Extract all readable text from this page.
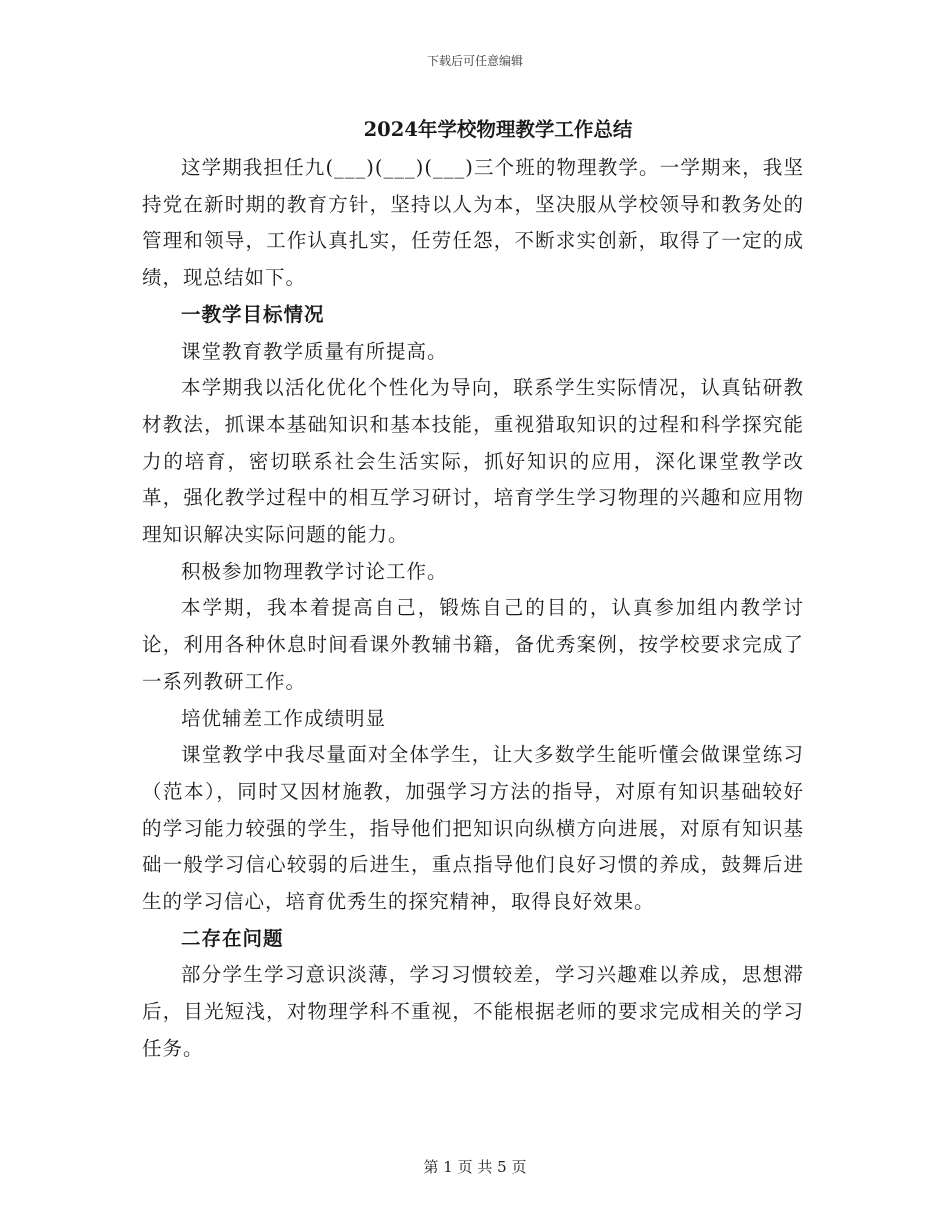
下载后可任意编辑
2024年学校物理教学工作总结

这学期我担任九(___)(___)(___)三个班的物理教学。一学期来，我坚持党在新时期的教育方针，坚持以人为本，坚决服从学校领导和教务处的管理和领导，工作认真扎实，任劳任怨，不断求实创新，取得了一定的成绩，现总结如下。

一教学目标情况

课堂教育教学质量有所提高。

本学期我以活化优化个性化为导向，联系学生实际情况，认真钻研教材教法，抓课本基础知识和基本技能，重视猎取知识的过程和科学探究能力的培育，密切联系社会生活实际，抓好知识的应用，深化课堂教学改革，强化教学过程中的相互学习研讨，培育学生学习物理的兴趣和应用物理知识解决实际问题的能力。

积极参加物理教学讨论工作。

本学期，我本着提高自己，锻炼自己的目的，认真参加组内教学讨论，利用各种休息时间看课外教辅书籍，备优秀案例，按学校要求完成了一系列教研工作。

培优辅差工作成绩明显

课堂教学中我尽量面对全体学生，让大多数学生能听懂会做课堂练习（范本），同时又因材施教，加强学习方法的指导，对原有知识基础较好的学习能力较强的学生，指导他们把知识向纵横方向进展，对原有知识基础一般学习信心较弱的后进生，重点指导他们良好习惯的养成，鼓舞后进生的学习信心，培育优秀生的探究精神，取得良好效果。

二存在问题

部分学生学习意识淡薄，学习习惯较差，学习兴趣难以养成，思想滞后，目光短浅，对物理学科不重视，不能根据老师的要求完成相关的学习任务。

第 1 页 共 5 页
